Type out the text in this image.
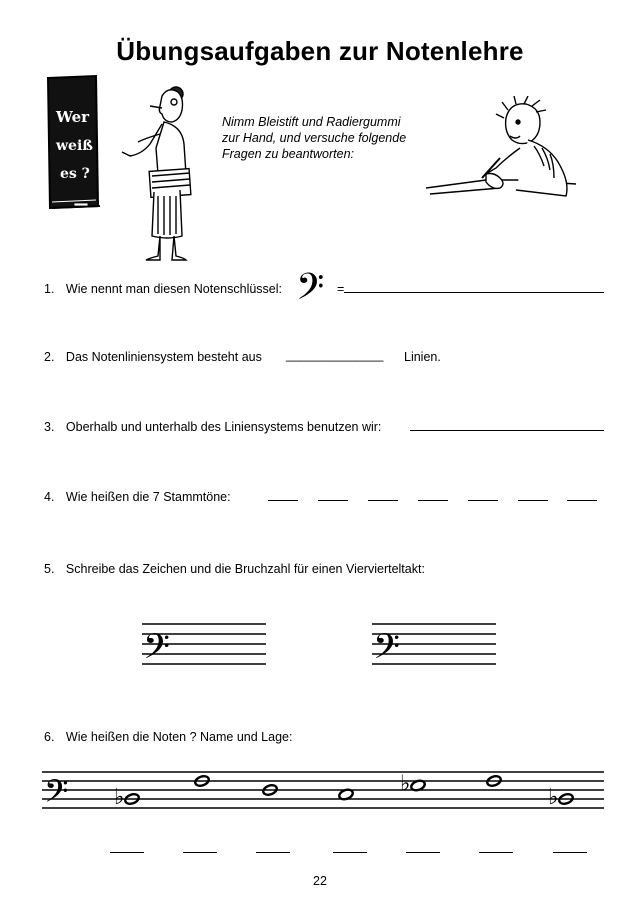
Übungsaufgaben zur Notenlehre
Wer
weiß
es ?
Nimm Bleistift und Radiergummi
zur Hand, und versuche folgende
Fragen zu beantworten:
1. Wie nennt man diesen Notenschlüssel: 𝄢 =
2. Das Notenliniensystem besteht aus ______________ Linien.
3. Oberhalb und unterhalb des Liniensystems benutzen wir:
4. Wie heißen die 7 Stammtöne:
5. Schreibe das Zeichen und die Bruchzahl für einen Viervierteltakt:
𝄢	𝄢
6. Wie heißen die Noten ? Name und Lage:
𝄢 ♭
♭
♭
22
